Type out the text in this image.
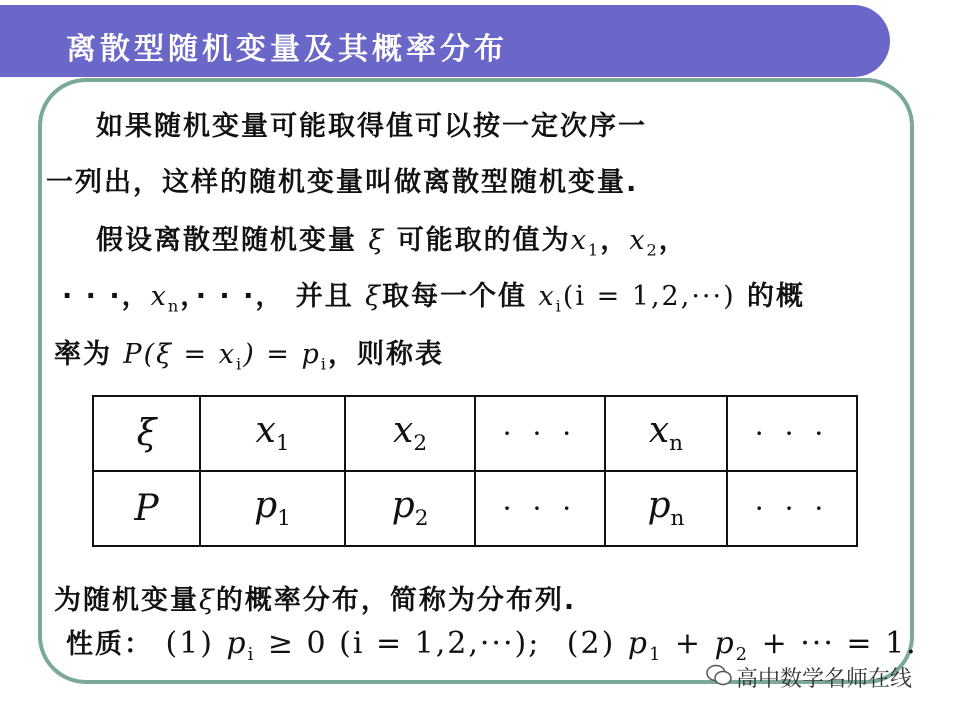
离散型随机变量及其概率分布
如果随机变量可能取得值可以按一定次序一
一列出，这样的随机变量叫做离散型随机变量.
假设离散型随机变量 ξ 可能取的值为$x_1$，$x_2$，
· · ·，$x_n$，· · ·， 并且 ξ取每一个值 $x_i(i = 1,2,\cdot\cdot\cdot)$ 的概
率为 $P(\xi = x_i) = p_i$，则称表
ξ	$x_1$	$x_2$	· · ·	$x_n$	· · ·
P	$p_1$	$p_2$	· · ·	$p_n$	· · ·
为随机变量ξ的概率分布，简称为分布列.
性质： (1) $p_i \ge 0$ (i = 1,2,···); (2) $p_1 + p_2$ + ··· = 1.
高中数学名师在线
